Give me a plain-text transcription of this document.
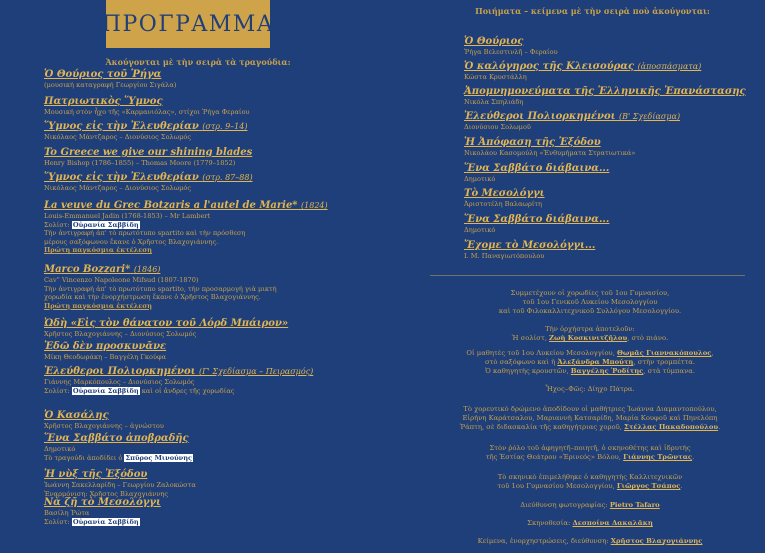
ΠΡΟΓΡΑΜΜΑ
Ἀκούγονται μὲ τὴν σειρὰ τὰ τραγούδια:
Ὁ Θούριος τοῦ Ῥήγα
(μουσική καταγραφή Γεωργίου Σιγάλα)
Πατριωτικὸς Ὕμνος
Μουσική στὸν ἦχο τῆς «Καρμανιόλας», στίχοι Ῥήγα Φεραίου
Ὕμνος εἰς τὴν Ἐλευθερίαν (στρ. 9–14)
Νικόλαος Μάντζαρος – Διονύσιος Σολωμός
To Greece we give our shining blades
Henry Bishop (1786–1855) – Thomas Moore (1779–1852)
Ὕμνος εἰς τὴν Ἐλευθερίαν (στρ. 87–88)
Νικόλαος Μάντζαρος – Διονύσιος Σολωμός
La veuve du Grec Botzaris a l'autel de Marie* (1824)
Louis-Emmanuel Jadin (1768-1853) – Mr Lambert
Σολίστ: Οὐρανία Σαββίδη
Τὴν ἀντιγραφή ἀπ' τὸ πρωτότυπο spartito καὶ τὴν πρόσθεση
μέρους σαξόφωνου ἔκανε ὁ Χρῆστος Βλαχογιάννης.
Πρώτη παγκόσμια ἐκτέλεση
Marco Bozzari* (1846)
Cav" Vincenzo Napoleone Mifsud (1807-1870)
Τὴν ἀντιγραφή ἀπ' τὸ πρωτότυπο spartito, τὴν προσαρμογή γιὰ μικτή
χορωδία καὶ τὴν ἐνορχήστρωση ἔκανε ὁ Χρῆστος Βλαχογιάννης.
Πρώτη παγκόσμια ἐκτέλεση
Ὠδὴ «Εἰς τὸν θάνατον τοῦ Λόρδ Μπάιρον»
Χρῆστος Βλαχογιάννης – Διονύσιος Σολωμός
Ἐδῶ δὲν προσκυνᾶνε
Μίκη Θεοδωράκη – Βαγγέλη Γκούφα
Ἐλεύθεροι Πολιορκημένοι (Γ' Σχεδίασμα – Πειρασμός)
Γιάννης Μαρκόπουλος – Διονύσιος Σολωμός
Σολίστ: Οὐρανία Σαββίδη καὶ οἱ ἄνδρες τῆς χορωδίας
Ὁ Κασάλης
Χρῆστος Βλαχογιάννης – ἀγνώστου
Ἕνα Σαββάτο ἀποβραδῆς
Δημοτικό
Τὸ τραγούδι ἀποδίδει ὁ Σπῦρος Μινούνης
Ἡ νὺξ τῆς Ἐξόδου
Ἰωάννη Σακελλαρίδη – Γεωργίου Ζαλοκώστα
Ἐναρμόνιση: Χρῆστος Βλαχογιάννης
Νὰ ζῇ τὸ Μεσολόγγι
Βασίλη Ῥώτα
Σολίστ: Οὐρανία Σαββίδη
Ποιήματα – κείμενα μὲ τὴν σειρὰ ποὺ ἀκούγονται:
Ὁ Θούριος
Ῥήγα Βελεστινλῆ – Φεραίου
Ὁ καλόγηρος τῆς Κλεισούρας (ἀποσπάσματα)
Κώστα Κρυστάλλη
Ἀπομνημονεύματα τῆς Ἑλληνικῆς Ἐπανάστασης
Νικόλα Σπηλιάδη
Ἐλεύθεροι Πολιορκημένοι (Β' Σχεδίασμα)
Διονύσιου Σολωμοῦ
Ἡ Ἀπόφαση τῆς Ἐξόδου
Νικολάου Κασομούλη «Ἐνθυμήματα Στρατιωτικά»
Ἕνα Σαββάτο διάβαινα...
Δημοτικό
Τὸ Μεσολόγγι
Ἀριστοτέλη Βαλαωρίτη
Ἕνα Σαββάτο διάβαινα...
Δημοτικό
Ἔχομε τὸ Μεσολόγγι...
Ι. Μ. Παναγιωτόπουλου
Συμμετέχουν οἱ χορωδίες τοῦ 1ου Γυμνασίου,
τοῦ 1ου Γενικοῦ Λυκείου Μεσολογγίου
καὶ τοῦ Φιλοκαλλιτεχνικοῦ Συλλόγου Μεσολογγίου.
Τὴν ὀρχήστρα ἀποτελοῦν:
Ἡ σολίστ, Ζωὴ Κοσκινιτζῆλου, στὸ πιάνο.
Οἱ μαθητὲς τοῦ 1ου Λυκείου Μεσολογγίου, Θωμᾶς Γιαννακόπουλος,
στὸ σαξόφωνο καὶ ἡ Ἀλεξάνδρα Μπούτη, στὴν τρομπέττα.
Ὁ καθηγητὴς κρουστῶν, Βαγγέλης Ῥοδίτης, στὰ τύμπανα.
Ἦχος–Φῶς: Δίηχο Πάτρα.
Τὸ χορευτικὸ δρώμενο ἀποδίδουν οἱ μαθήτριες Ἰωάννα Διαμαντοπούλου,
Εἰρήνη Καράτσαλου, Μαριαννὴ Κατσαρίδη, Μαρία Κουφοῦ καὶ Πηνελόπη
Ῥάπτη, σὲ διδασκαλία τῆς καθηγήτριας χοροῦ, Στέλλας Πακαδοπούλου.
Στὸν ῥόλο τοῦ ἀφηγητῆ–ποιητῆ, ὁ σκηνοθέτης καὶ ἱδρυτὴς
τῆς Ἑστίας Θεάτρου «Ἐρινεός» Βόλου, Γιάννης Τρῶντας.
Τὸ σκηνικὸ ἐπιμελήθηκε ὁ καθηγητὴς Καλλιτεχνικῶν
τοῦ 1ου Γυμνασίου Μεσολογγίου, Γιῶργος Τσάπος.
Διεύθυνση φωτογραφίας: Pietro Tafaro
Σκηνοθεσία: Δεσποίνα Δακαλᾶκη
Κείμενα, ἐνορχηστρώσεις, διεύθυνση: Χρῆστος Βλαχογιάννης
